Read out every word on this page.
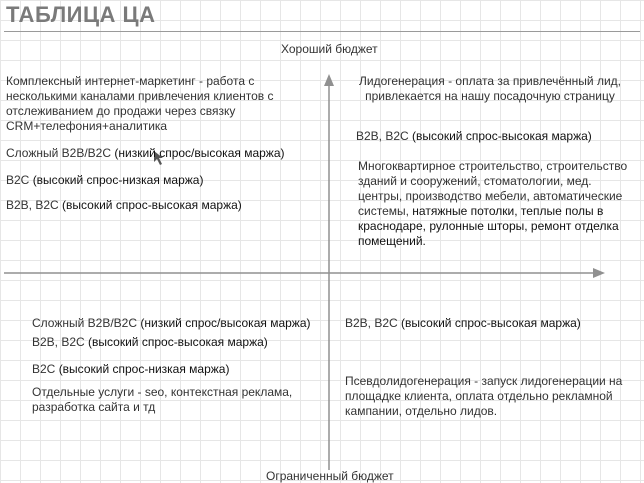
ТАБЛИЦА ЦА
Хороший бюджет
Ограниченный бюджет
Комплексный интернет-маркетинг - работа с несколькими каналами привлечения клиентов с отслеживанием до продажи через связку CRM+телефония+аналитика
Сложный B2B/B2C (низкий спрос/высокая маржа)
B2C (высокий спрос-низкая маржа)
B2B, B2C (высокий спрос-высокая маржа)
Лидогенерация - оплата за привлечённый лид, привлекается на нашу посадочную страницу
B2B, B2C (высокий спрос-высокая маржа)
Многоквартирное строительство, строительство зданий и сооружений, стоматологии, мед. центры, производство мебели, автоматические системы, натяжные потолки, теплые полы в краснодаре, рулонные шторы, ремонт отделка помещений.
Сложный B2B/B2C (низкий спрос/высокая маржа)
B2B, B2C (высокий спрос-высокая маржа)
B2C (высокий спрос-низкая маржа)
Отдельные услуги - seo, контекстная реклама, разработка сайта и тд
B2B, B2C (высокий спрос-высокая маржа)
Псевдолидогенерация - запуск лидогенерации на площадке клиента, оплата отдельно рекламной кампании, отдельно лидов.
